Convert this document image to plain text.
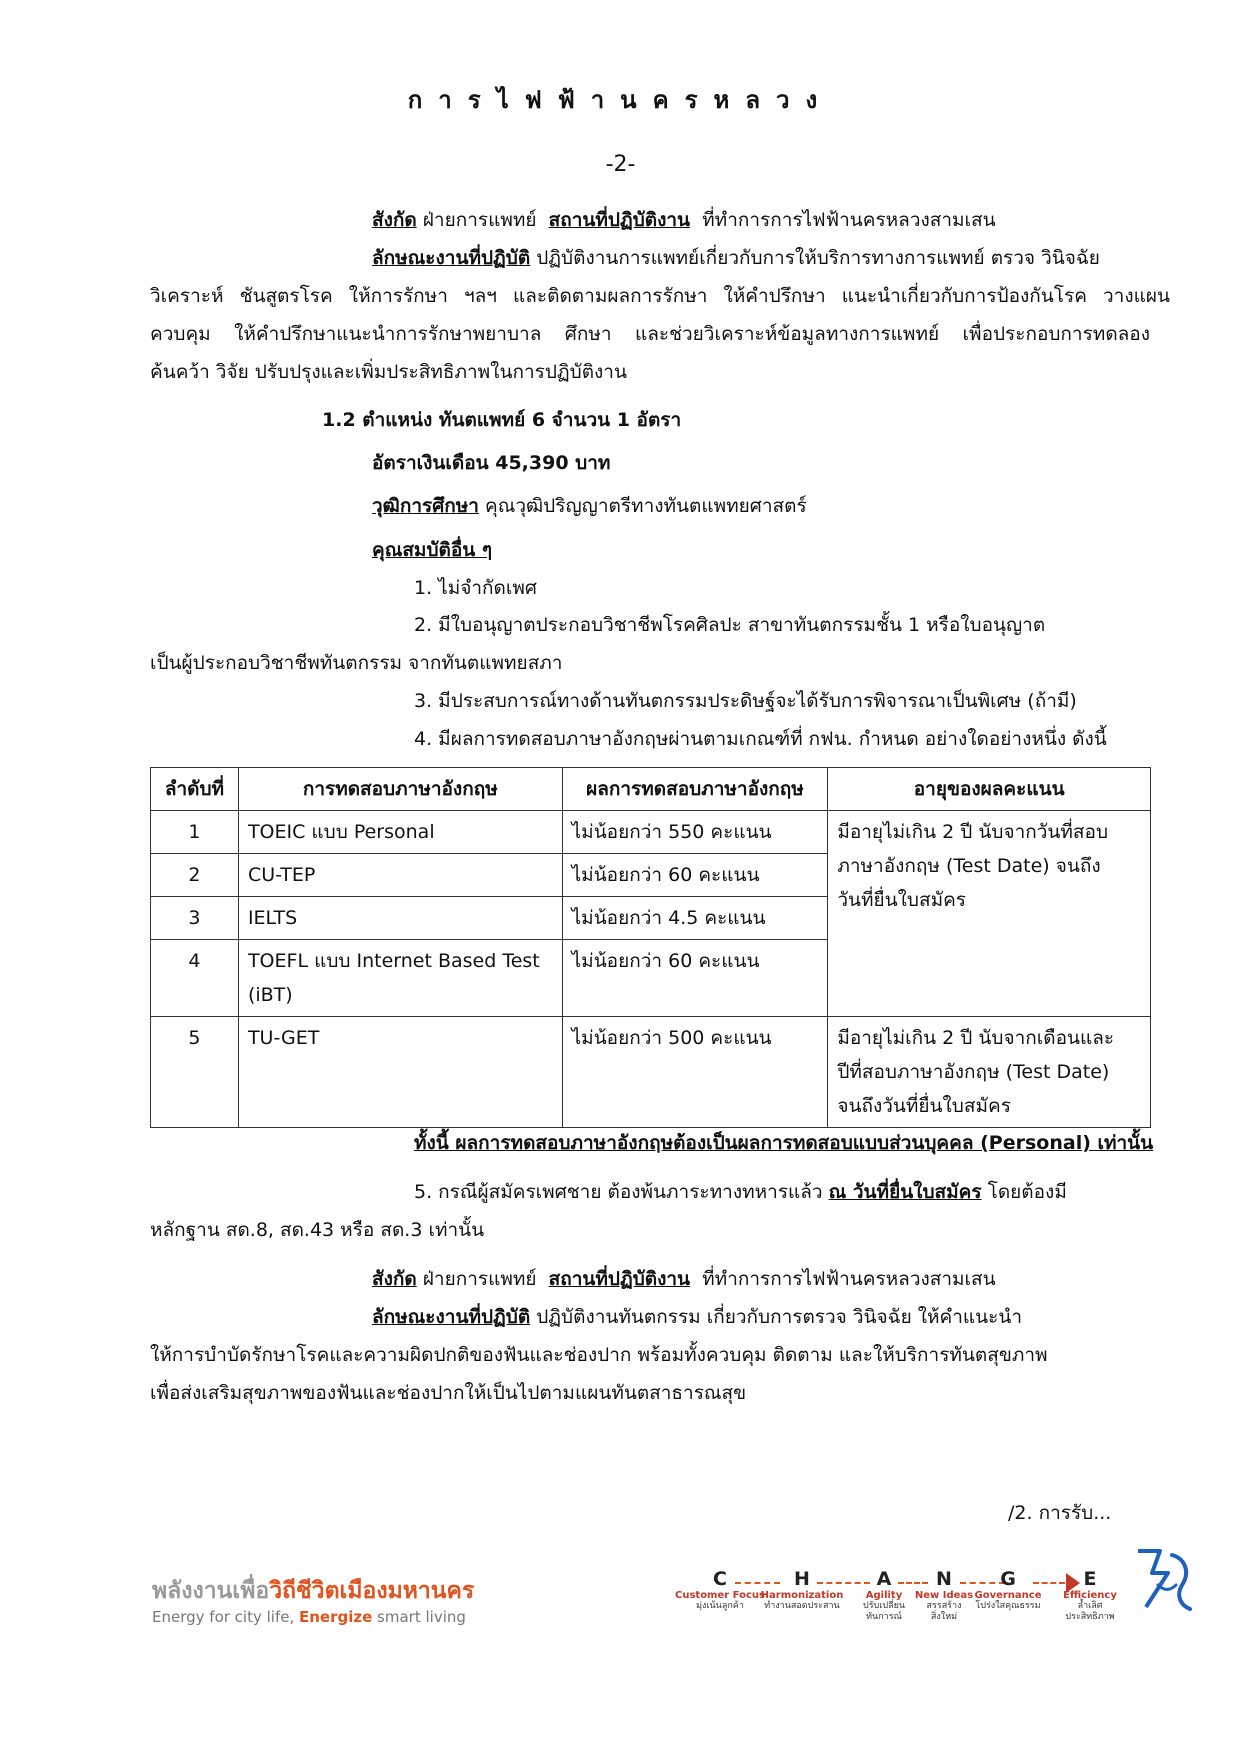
การไฟฟ้านครหลวง
-2-
สังกัด ฝ่ายการแพทย์ สถานที่ปฏิบัติงาน ที่ทำการการไฟฟ้านครหลวงสามเสน
ลักษณะงานที่ปฏิบัติ ปฏิบัติงานการแพทย์เกี่ยวกับการให้บริการทางการแพทย์ ตรวจ วินิจฉัย
วิเคราะห์ ชันสูตรโรค ให้การรักษา ฯลฯ และติดตามผลการรักษา ให้คำปรึกษา แนะนำเกี่ยวกับการป้องกันโรค วางแผน
ควบคุม ให้คำปรึกษาแนะนำการรักษาพยาบาล ศึกษา และช่วยวิเคราะห์ข้อมูลทางการแพทย์ เพื่อประกอบการทดลอง
ค้นคว้า วิจัย ปรับปรุงและเพิ่มประสิทธิภาพในการปฏิบัติงาน
1.2 ตำแหน่ง ทันตแพทย์ 6 จำนวน 1 อัตรา
อัตราเงินเดือน 45,390 บาท
วุฒิการศึกษา คุณวุฒิปริญญาตรีทางทันตแพทยศาสตร์
คุณสมบัติอื่น ๆ
1. ไม่จำกัดเพศ
2. มีใบอนุญาตประกอบวิชาชีพโรคศิลปะ สาขาทันตกรรมชั้น 1 หรือใบอนุญาต
เป็นผู้ประกอบวิชาชีพทันตกรรม จากทันตแพทยสภา
3. มีประสบการณ์ทางด้านทันตกรรมประดิษฐ์จะได้รับการพิจารณาเป็นพิเศษ (ถ้ามี)
4. มีผลการทดสอบภาษาอังกฤษผ่านตามเกณฑ์ที่ กฟน. กำหนด อย่างใดอย่างหนึ่ง ดังนี้
ลำดับที่	การทดสอบภาษาอังกฤษ	ผลการทดสอบภาษาอังกฤษ	อายุของผลคะแนน
1	TOEIC แบบ Personal	ไม่น้อยกว่า 550 คะแนน	มีอายุไม่เกิน 2 ปี นับจากวันที่สอบ
ภาษาอังกฤษ (Test Date) จนถึง
วันที่ยื่นใบสมัคร

2	CU-TEP	ไม่น้อยกว่า 60 คะแนน	
3	IELTS	ไม่น้อยกว่า 4.5 คะแนน	
4	TOEFL แบบ Internet Based Test
(iBT)	ไม่น้อยกว่า 60 คะแนน	
5	TU-GET	ไม่น้อยกว่า 500 คะแนน	มีอายุไม่เกิน 2 ปี นับจากเดือนและ
ปีที่สอบภาษาอังกฤษ (Test Date)
จนถึงวันที่ยื่นใบสมัคร
ทั้งนี้ ผลการทดสอบภาษาอังกฤษต้องเป็นผลการทดสอบแบบส่วนบุคคล (Personal) เท่านั้น
5. กรณีผู้สมัครเพศชาย ต้องพ้นภาระทางทหารแล้ว ณ วันที่ยื่นใบสมัคร โดยต้องมี
หลักฐาน สด.8, สด.43 หรือ สด.3 เท่านั้น
สังกัด ฝ่ายการแพทย์ สถานที่ปฏิบัติงาน ที่ทำการการไฟฟ้านครหลวงสามเสน
ลักษณะงานที่ปฏิบัติ ปฏิบัติงานทันตกรรม เกี่ยวกับการตรวจ วินิจฉัย ให้คำแนะนำ
ให้การบำบัดรักษาโรคและความผิดปกติของฟันและช่องปาก พร้อมทั้งควบคุม ติดตาม และให้บริการทันตสุขภาพ
เพื่อส่งเสริมสุขภาพของฟันและช่องปากให้เป็นไปตามแผนทันตสาธารณสุข
/2. การรับ...
พลังงานเพื่อวิถีชีวิตเมืองมหานคร
Energy for city life, Energize smart living
C
Customer Focus
มุ่งเน้นลูกค้า
H
Harmonization
ทำงานสอดประสาน
A
Agility
ปรับเปลี่ยน
ทันการณ์
N
New Ideas
สรรสร้าง
สิ่งใหม่
G
Governance
โปร่งใสคุณธรรม
E
Efficiency
ล้ำเลิศ
ประสิทธิภาพ
